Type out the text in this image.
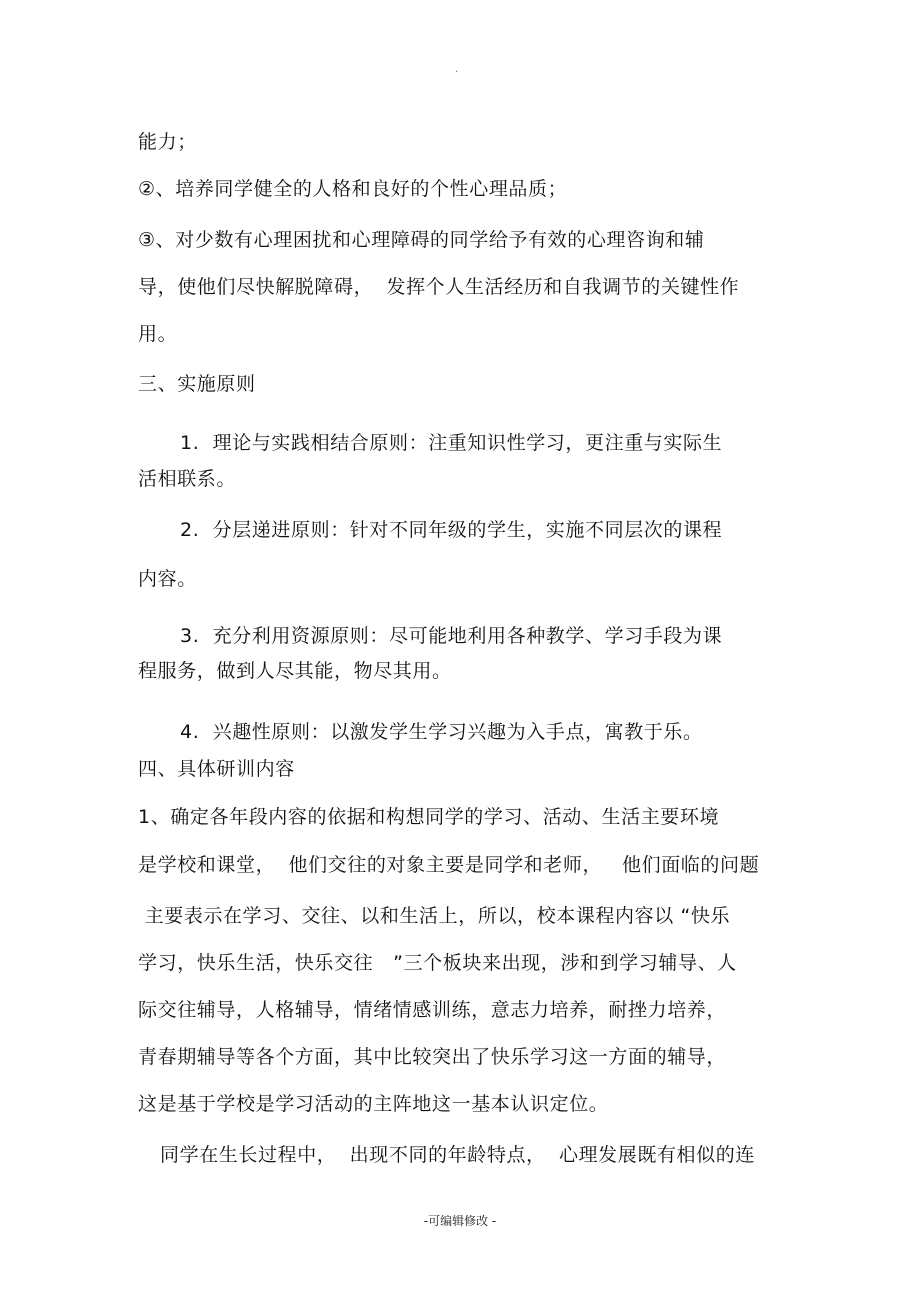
.
能力；
②、培养同学健全的人格和良好的个性心理品质；
③、对少数有心理困扰和心理障碍的同学给予有效的心理咨询和辅
导，使他们尽快解脱障碍，  发挥个人生活经历和自我调节的关键性作
用。
三、实施原则
1.  理论与实践相结合原则：注重知识性学习，更注重与实际生
活相联系。
2.  分层递进原则：针对不同年级的学生，实施不同层次的课程
内容。
3.  充分利用资源原则：尽可能地利用各种教学、学习手段为课
程服务，做到人尽其能，物尽其用。
4.  兴趣性原则：以激发学生学习兴趣为入手点，寓教于乐。
四、具体研训内容
1、确定各年段内容的依据和构想同学的学习、活动、生活主要环境
是学校和课堂，  他们交往的对象主要是同学和老师，   他们面临的问题
主要表示在学习、交往、以和生活上，所以，校本课程内容以 “快乐
学习，快乐生活，快乐交往   ”三个板块来出现，涉和到学习辅导、人
际交往辅导，人格辅导，情绪情感训练，意志力培养，耐挫力培养，
青春期辅导等各个方面，其中比较突出了快乐学习这一方面的辅导，
这是基于学校是学习活动的主阵地这一基本认识定位。
同学在生长过程中，  出现不同的年龄特点，  心理发展既有相似的连
-可编辑修改 -
